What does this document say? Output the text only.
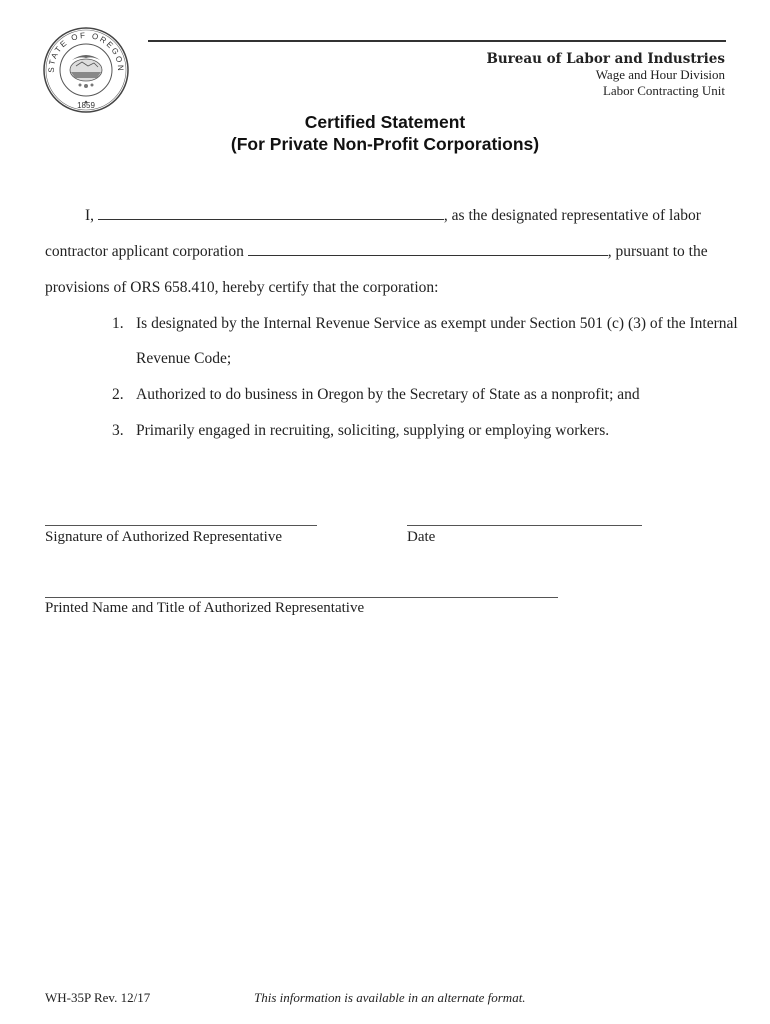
STATE OF OREGON
1859
Bureau of Labor and Industries
Wage and Hour Division
Labor Contracting Unit
Certified Statement
(For Private Non-Profit Corporations)
I,	, as the designated representative of labor
contractor applicant corporation	, pursuant to the
provisions of ORS 658.410, hereby certify that the corporation:
1. Is designated by the Internal Revenue Service as exempt under Section 501 (c) (3) of the Internal
Revenue Code;
2. Authorized to do business in Oregon by the Secretary of State as a nonprofit; and
3. Primarily engaged in recruiting, soliciting, supplying or employing workers.
Signature of Authorized Representative	Date
Printed Name and Title of Authorized Representative
WH-35P Rev. 12/17	This information is available in an alternate format.
